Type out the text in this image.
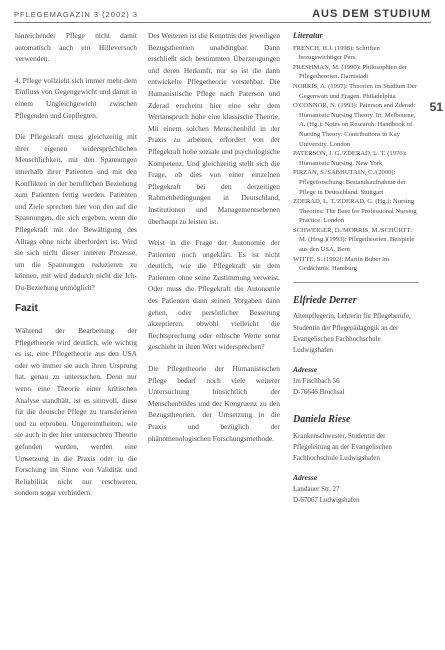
PFLEGEMAGAZIN 3 (2002) 3	AUS DEM STUDIUM
51

hinreichender Pflege nicht damit automatisch auch ein Hilfeversuch verwenden.

4. Pflege vollzieht sich immer mehr dem Einfluss von Gegengewicht und damit in einem Ungleichgewicht zwischen Pflegenden und Gepflegten.

Die Pflegekraft muss gleichzeitig mit ihrer eigenen widersprüchlichen Menschlichkeit, mit den Spannungen innerhalb ihrer Patienten und mit den Konflikten in der beruflichen Beziehung zum Patienten fertig werden. Patienten und Ziele sprechen hier von den auf die Spannungen, die sich ergeben, wenn die Pflegekraft mit der Bewältigung des Alltags ohne nicht überfordert ist. Wird sie sich nicht dieser inneren Prozesse, um die Spannungen reduzieren zu können, mit wird dadurch nicht die Ich-Du-Beziehung unmöglich?

Fazit

Während der Bearbeitung der Pflegetheorie wird deutlich, wie wichtig es ist, eine Pflegetheorie aus den USA oder wo immer sie auch ihren Ursprung hat, genau zu untersuchen. Denn nur wenn eine Theorie einer kritischen Analyse standhält, ist es sinnvoll, diese für die deutsche Pflege zu transferieren und zu erproben. Ungereimtheiten, wie sie auch in der hier untersuchten Theorie gefunden wurden, werden eine Umsetzung in die Praxis oder in die Forschung im Sinne von Validität und Reliabilität nicht nur erschweren, sondern sogar verhindern.

Des Weiteren ist die Kenntnis der jeweiligen Bezugstheorien unabdingbar. Dann erschließt sich bestimmten Überzeugungen und deren Herkunft, nur so ist die dann entwickelte Pflegetheorie verstehbar. Die Humanistische Pflege nach Paterson und Zderad erscheint hier eine sehr dem Wertanspruch hohe eine klassische Theorie, Mit einem solchen Menschenbild in der Praxis zu arbeiten, erfordert von der Pflegekraft hohe soziale und psychologische Kompetenz. Und gleichzeitig stellt sich die Frage, ob dies von einer einzelnen Pflegekraft bei den derzeitigen Rahmenbedingungen in Deutschland, Institutionen und Managementsebenen überhaupt zu leisten ist.

Weist in die Frage der Autonomie der Patienten noch ungeklärt. Es ist nicht deutlich, wie die Pflegekraft sie dem Patienten ohne seine Zustimmung verweist. Oder muss die Pflegekraft die Autonomie des Patienten dann seinen Vorgaben dann gehen, oder persönlicher Besserung akzeptieren, obwohl vielleicht die Rechtsprechung oder ethische Werte sonst geschieht in ihren Wert widersprechen?

Die Pflegetheorie der Humanistischen Pflege bedarf noch viele weiterer Untersuchung hinsichtlich der Menschenbildes und der Kongruenz zu den Bezugstheorien, der Umsetzung in die Praxis und bezüglich der phänomenologischen Forschungsmethode.

Literatur

FRENCH, H.J. (1998): Schriften bezugswichtiger Pers.

FRESHMAN, M. (1990): Philosophien der Pflegetheorien. Darmstadt

NORRIS, A. (1997): Theorien im Studium Der Gegenwart und Fragen. Philadelphia

O'CONNOR, N. (1993): Paterson and Zderad: Humanistic Nursing Theory. In: Melbourne, A. (Hg.): Notes on Research: Handbook of Nursing Theory: Contributions to Kay University. London

PATERSON, J. G./ZDERAD, L. T. (1976): Humanistic Nursing. New York

PIRZAN, S./SABHUTAIN, C./(2000): Pflegeforschung: Bestandsaufnahme der Pflege in Deutschland. Stuttgart

ZDERAD, L. T./ZDERAD, G. (Hg.): Nursing Theories: The Base for Professional Nursing Practice. London

SCHWEIGER, D./MORRIS, M./SCHÜRTT: M. (Hrsg.)(1993): Pflegetheorien. Beispiele aus den USA. Bern

WITTE, S. (1992): Martin Buber im Gedächtnis. Hamburg

Elfriede Derrer

Altenpflegerin, Lehrerin für Pflegeberufe, Studentin der Pflegepädagogik an der Evangelischen Fachhochschule Ludwigshafen

Adresse

Im Fischbach 56

D-76646 Bruchsal

Daniela Riese

Krankenschwester, Studentin der Pflegeleitung an der Evangelischen Fachhochschule Ludwigshafen

Adresse

Landauer Str. 27

D-67067 Ludwigshafen
